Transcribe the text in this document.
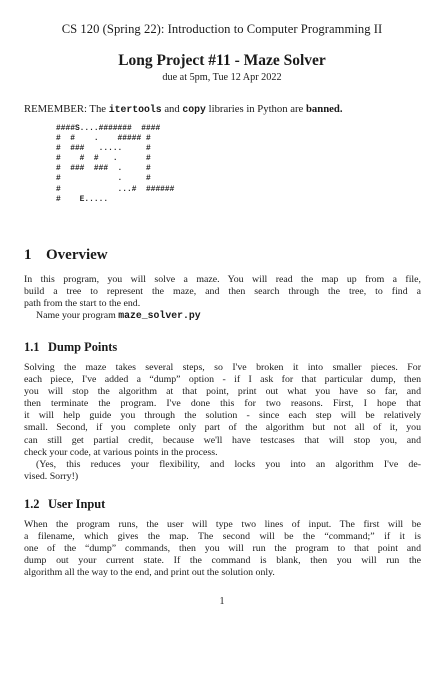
CS 120 (Spring 22): Introduction to Computer Programming II
Long Project #11 - Maze Solver
due at 5pm, Tue 12 Apr 2022
REMEMBER: The itertools and copy libraries in Python are banned.
####S....#######  ####
#  #    .    ##### #
#  ###   .....     #
#    #  #   .      #
#  ###  ###  .     #
#            .     #
#            ...#  ######
#    E.....
1 Overview
In this program, you will solve a maze. You will read the map up from a file,
build a tree to represent the maze, and then search through the tree, to find a
path from the start to the end.
Name your program maze_solver.py
1.1 Dump Points
Solving the maze takes several steps, so I've broken it into smaller pieces. For
each piece, I've added a “dump” option - if I ask for that particular dump, then
you will stop the algorithm at that point, print out what you have so far, and
then terminate the program. I've done this for two reasons. First, I hope that
it will help guide you through the solution - since each step will be relatively
small. Second, if you complete only part of the algorithm but not all of it, you
can still get partial credit, because we'll have testcases that will stop you, and
check your code, at various points in the process.
(Yes, this reduces your flexibility, and locks you into an algorithm I've de-
vised. Sorry!)
1.2 User Input
When the program runs, the user will type two lines of input. The first will be
a filename, which gives the map. The second will be the “command;” if it is
one of the “dump” commands, then you will run the program to that point and
dump out your current state. If the command is blank, then you will run the
algorithm all the way to the end, and print out the solution only.
1
